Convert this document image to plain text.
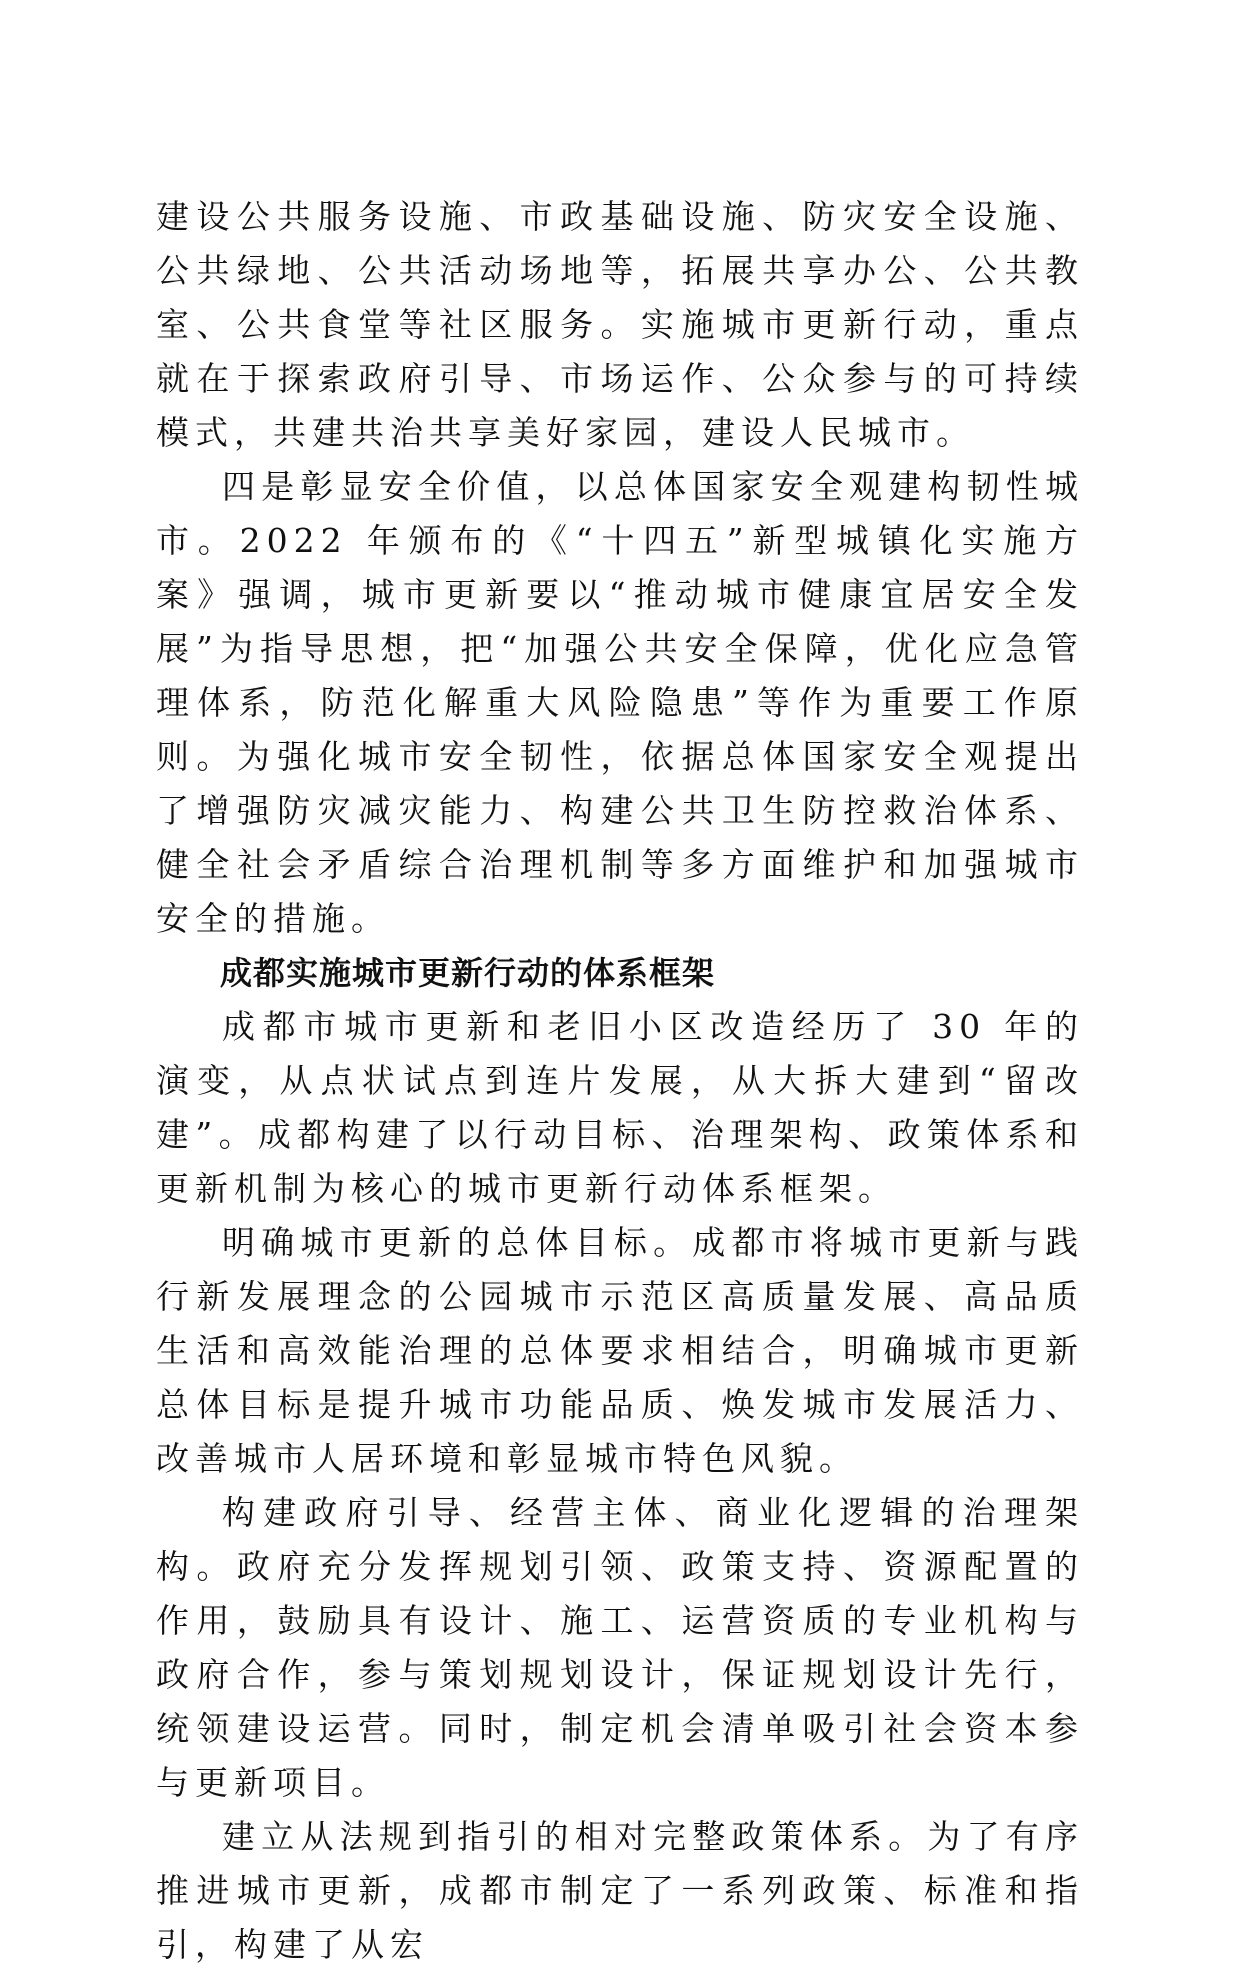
建设公共服务设施、市政基础设施、防灾安全设施、公共绿地、公共活动场地等，拓展共享办公、公共教室、公共食堂等社区服务。实施城市更新行动，重点就在于探索政府引导、市场运作、公众参与的可持续模式，共建共治共享美好家园，建设人民城市。

四是彰显安全价值，以总体国家安全观建构韧性城市。2022 年颁布的《“十四五”新型城镇化实施方案》强调，城市更新要以“推动城市健康宜居安全发展”为指导思想，把“加强公共安全保障，优化应急管理体系，防范化解重大风险隐患”等作为重要工作原则。为强化城市安全韧性，依据总体国家安全观提出了增强防灾减灾能力、构建公共卫生防控救治体系、健全社会矛盾综合治理机制等多方面维护和加强城市安全的措施。

成都实施城市更新行动的体系框架

成都市城市更新和老旧小区改造经历了 30 年的演变，从点状试点到连片发展，从大拆大建到“留改建”。成都构建了以行动目标、治理架构、政策体系和更新机制为核心的城市更新行动体系框架。

明确城市更新的总体目标。成都市将城市更新与践行新发展理念的公园城市示范区高质量发展、高品质生活和高效能治理的总体要求相结合，明确城市更新总体目标是提升城市功能品质、焕发城市发展活力、改善城市人居环境和彰显城市特色风貌。

构建政府引导、经营主体、商业化逻辑的治理架构。政府充分发挥规划引领、政策支持、资源配置的作用，鼓励具有设计、施工、运营资质的专业机构与政府合作，参与策划规划设计，保证规划设计先行，统领建设运营。同时，制定机会清单吸引社会资本参与更新项目。

建立从法规到指引的相对完整政策体系。为了有序推进城市更新，成都市制定了一系列政策、标准和指引，构建了从宏
